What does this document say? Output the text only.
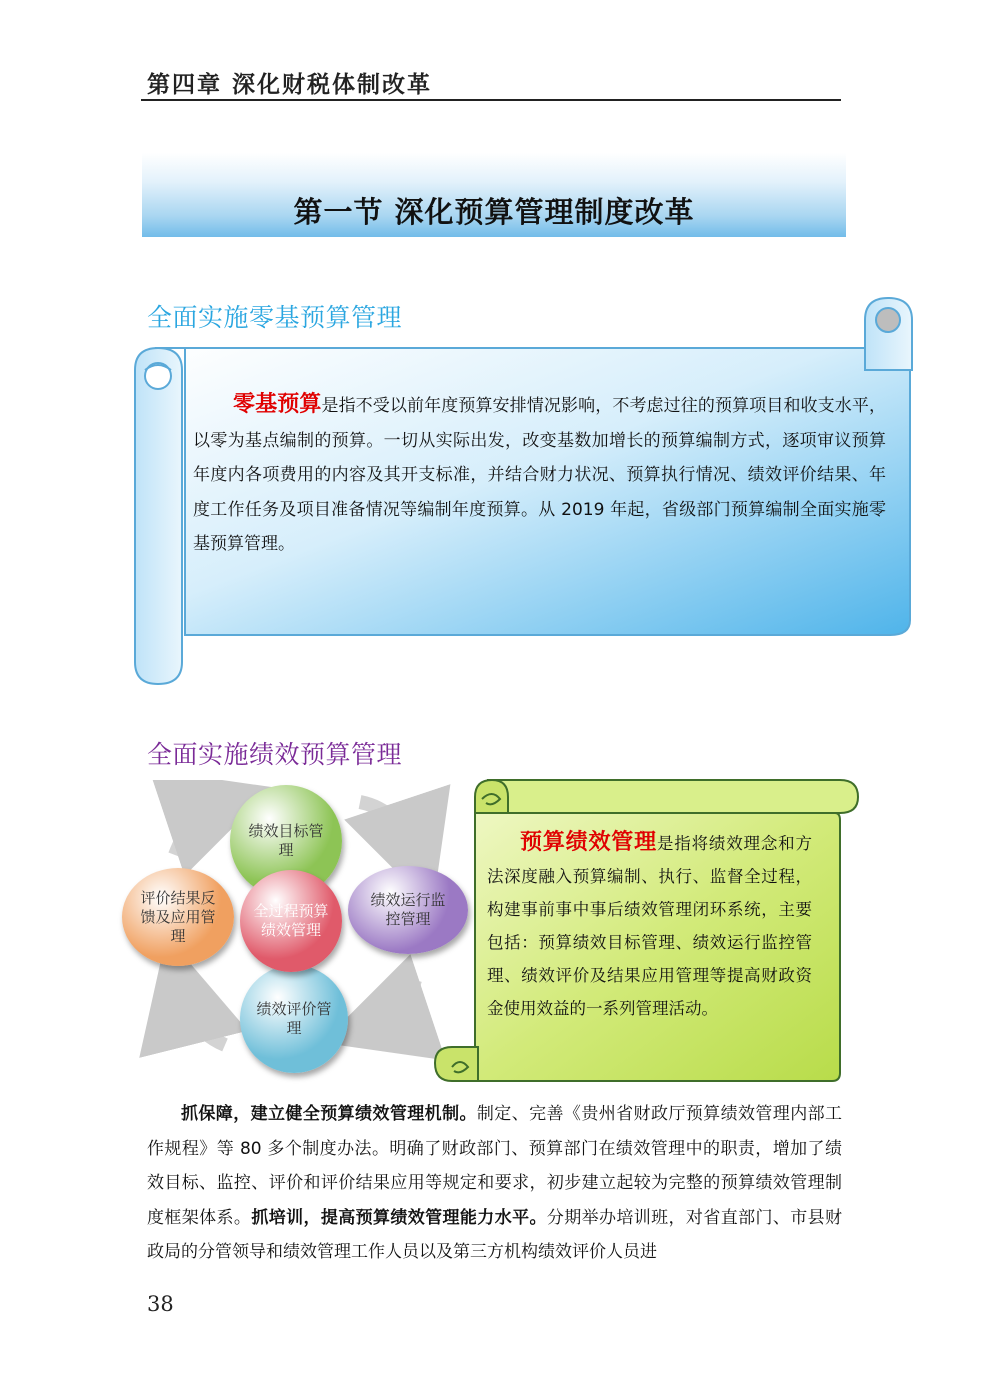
第四章 深化财税体制改革
第一节 深化预算管理制度改革
全面实施零基预算管理
零基预算是指不受以前年度预算安排情况影响，不考虑过往的预算项目和收支水平，以零为基点编制的预算。一切从实际出发，改变基数加增长的预算编制方式，逐项审议预算年度内各项费用的内容及其开支标准，并结合财力状况、预算执行情况、绩效评价结果、年度工作任务及项目准备情况等编制年度预算。从 2019 年起，省级部门预算编制全面实施零基预算管理。
全面实施绩效预算管理
绩效目标管理
绩效运行监控管理
绩效评价管理
评价结果反馈及应用管理
全过程预算绩效管理
预算绩效管理是指将绩效理念和方法深度融入预算编制、执行、监督全过程，构建事前事中事后绩效管理闭环系统，主要包括：预算绩效目标管理、绩效运行监控管理、绩效评价及结果应用管理等提高财政资金使用效益的一系列管理活动。
抓保障，建立健全预算绩效管理机制。制定、完善《贵州省财政厅预算绩效管理内部工作规程》等 80 多个制度办法。明确了财政部门、预算部门在绩效管理中的职责，增加了绩效目标、监控、评价和评价结果应用等规定和要求，初步建立起较为完整的预算绩效管理制度框架体系。抓培训，提高预算绩效管理能力水平。分期举办培训班，对省直部门、市县财政局的分管领导和绩效管理工作人员以及第三方机构绩效评价人员进
38
